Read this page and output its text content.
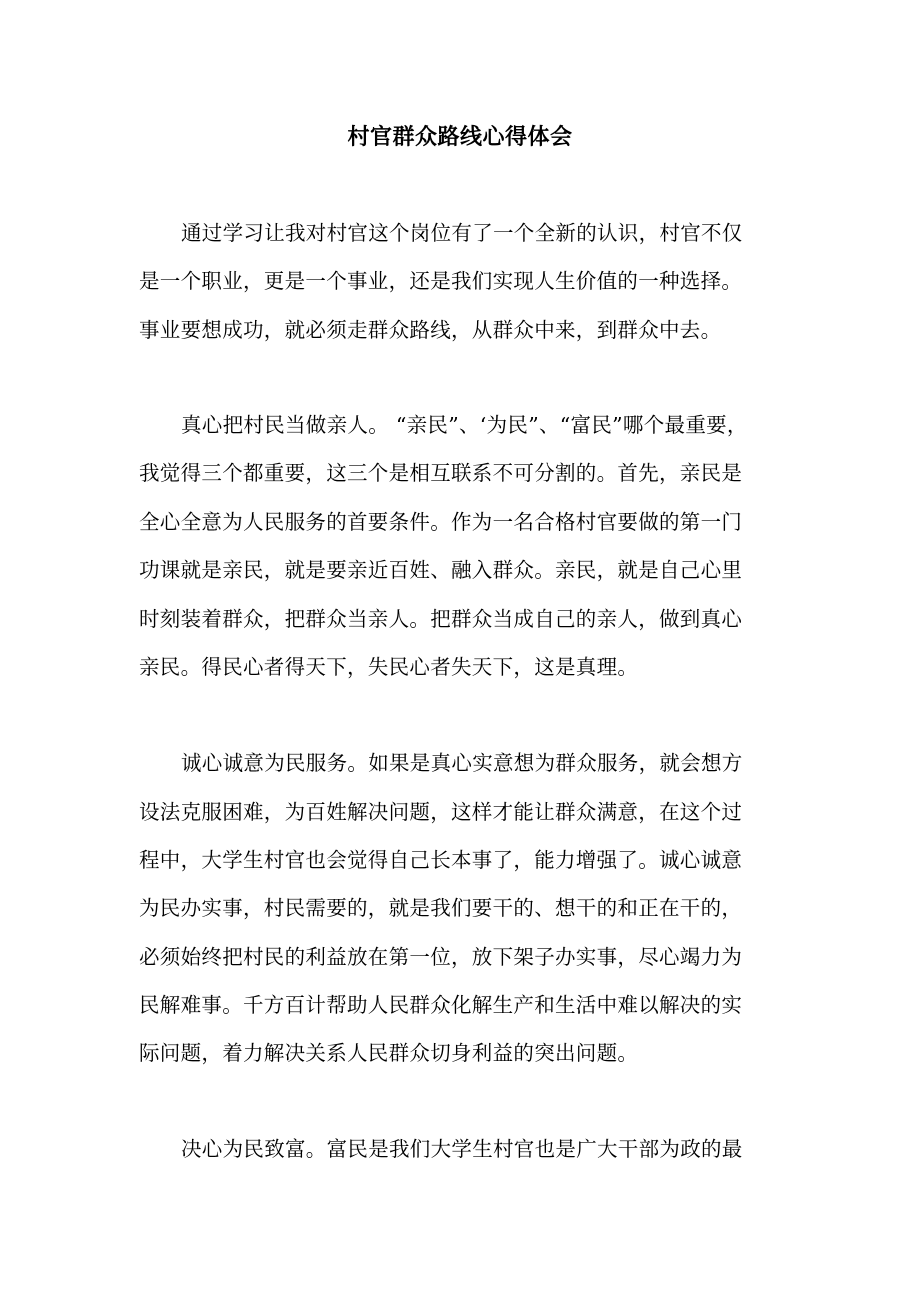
村官群众路线心得体会
通过学习让我对村官这个岗位有了一个全新的认识，村官不仅
是一个职业，更是一个事业，还是我们实现人生价值的一种选择。
事业要想成功，就必须走群众路线，从群众中来，到群众中去。
真心把村民当做亲人。 “亲民”、‘为民”、“富民”哪个最重要，
我觉得三个都重要，这三个是相互联系不可分割的。首先，亲民是
全心全意为人民服务的首要条件。作为一名合格村官要做的第一门
功课就是亲民，就是要亲近百姓、融入群众。亲民，就是自己心里
时刻装着群众，把群众当亲人。把群众当成自己的亲人，做到真心
亲民。得民心者得天下，失民心者失天下，这是真理。
诚心诚意为民服务。如果是真心实意想为群众服务，就会想方
设法克服困难，为百姓解决问题，这样才能让群众满意，在这个过
程中，大学生村官也会觉得自己长本事了，能力增强了。诚心诚意
为民办实事，村民需要的，就是我们要干的、想干的和正在干的，
必须始终把村民的利益放在第一位，放下架子办实事，尽心竭力为
民解难事。千方百计帮助人民群众化解生产和生活中难以解决的实
际问题，着力解决关系人民群众切身利益的突出问题。
决心为民致富。富民是我们大学生村官也是广大干部为政的最
